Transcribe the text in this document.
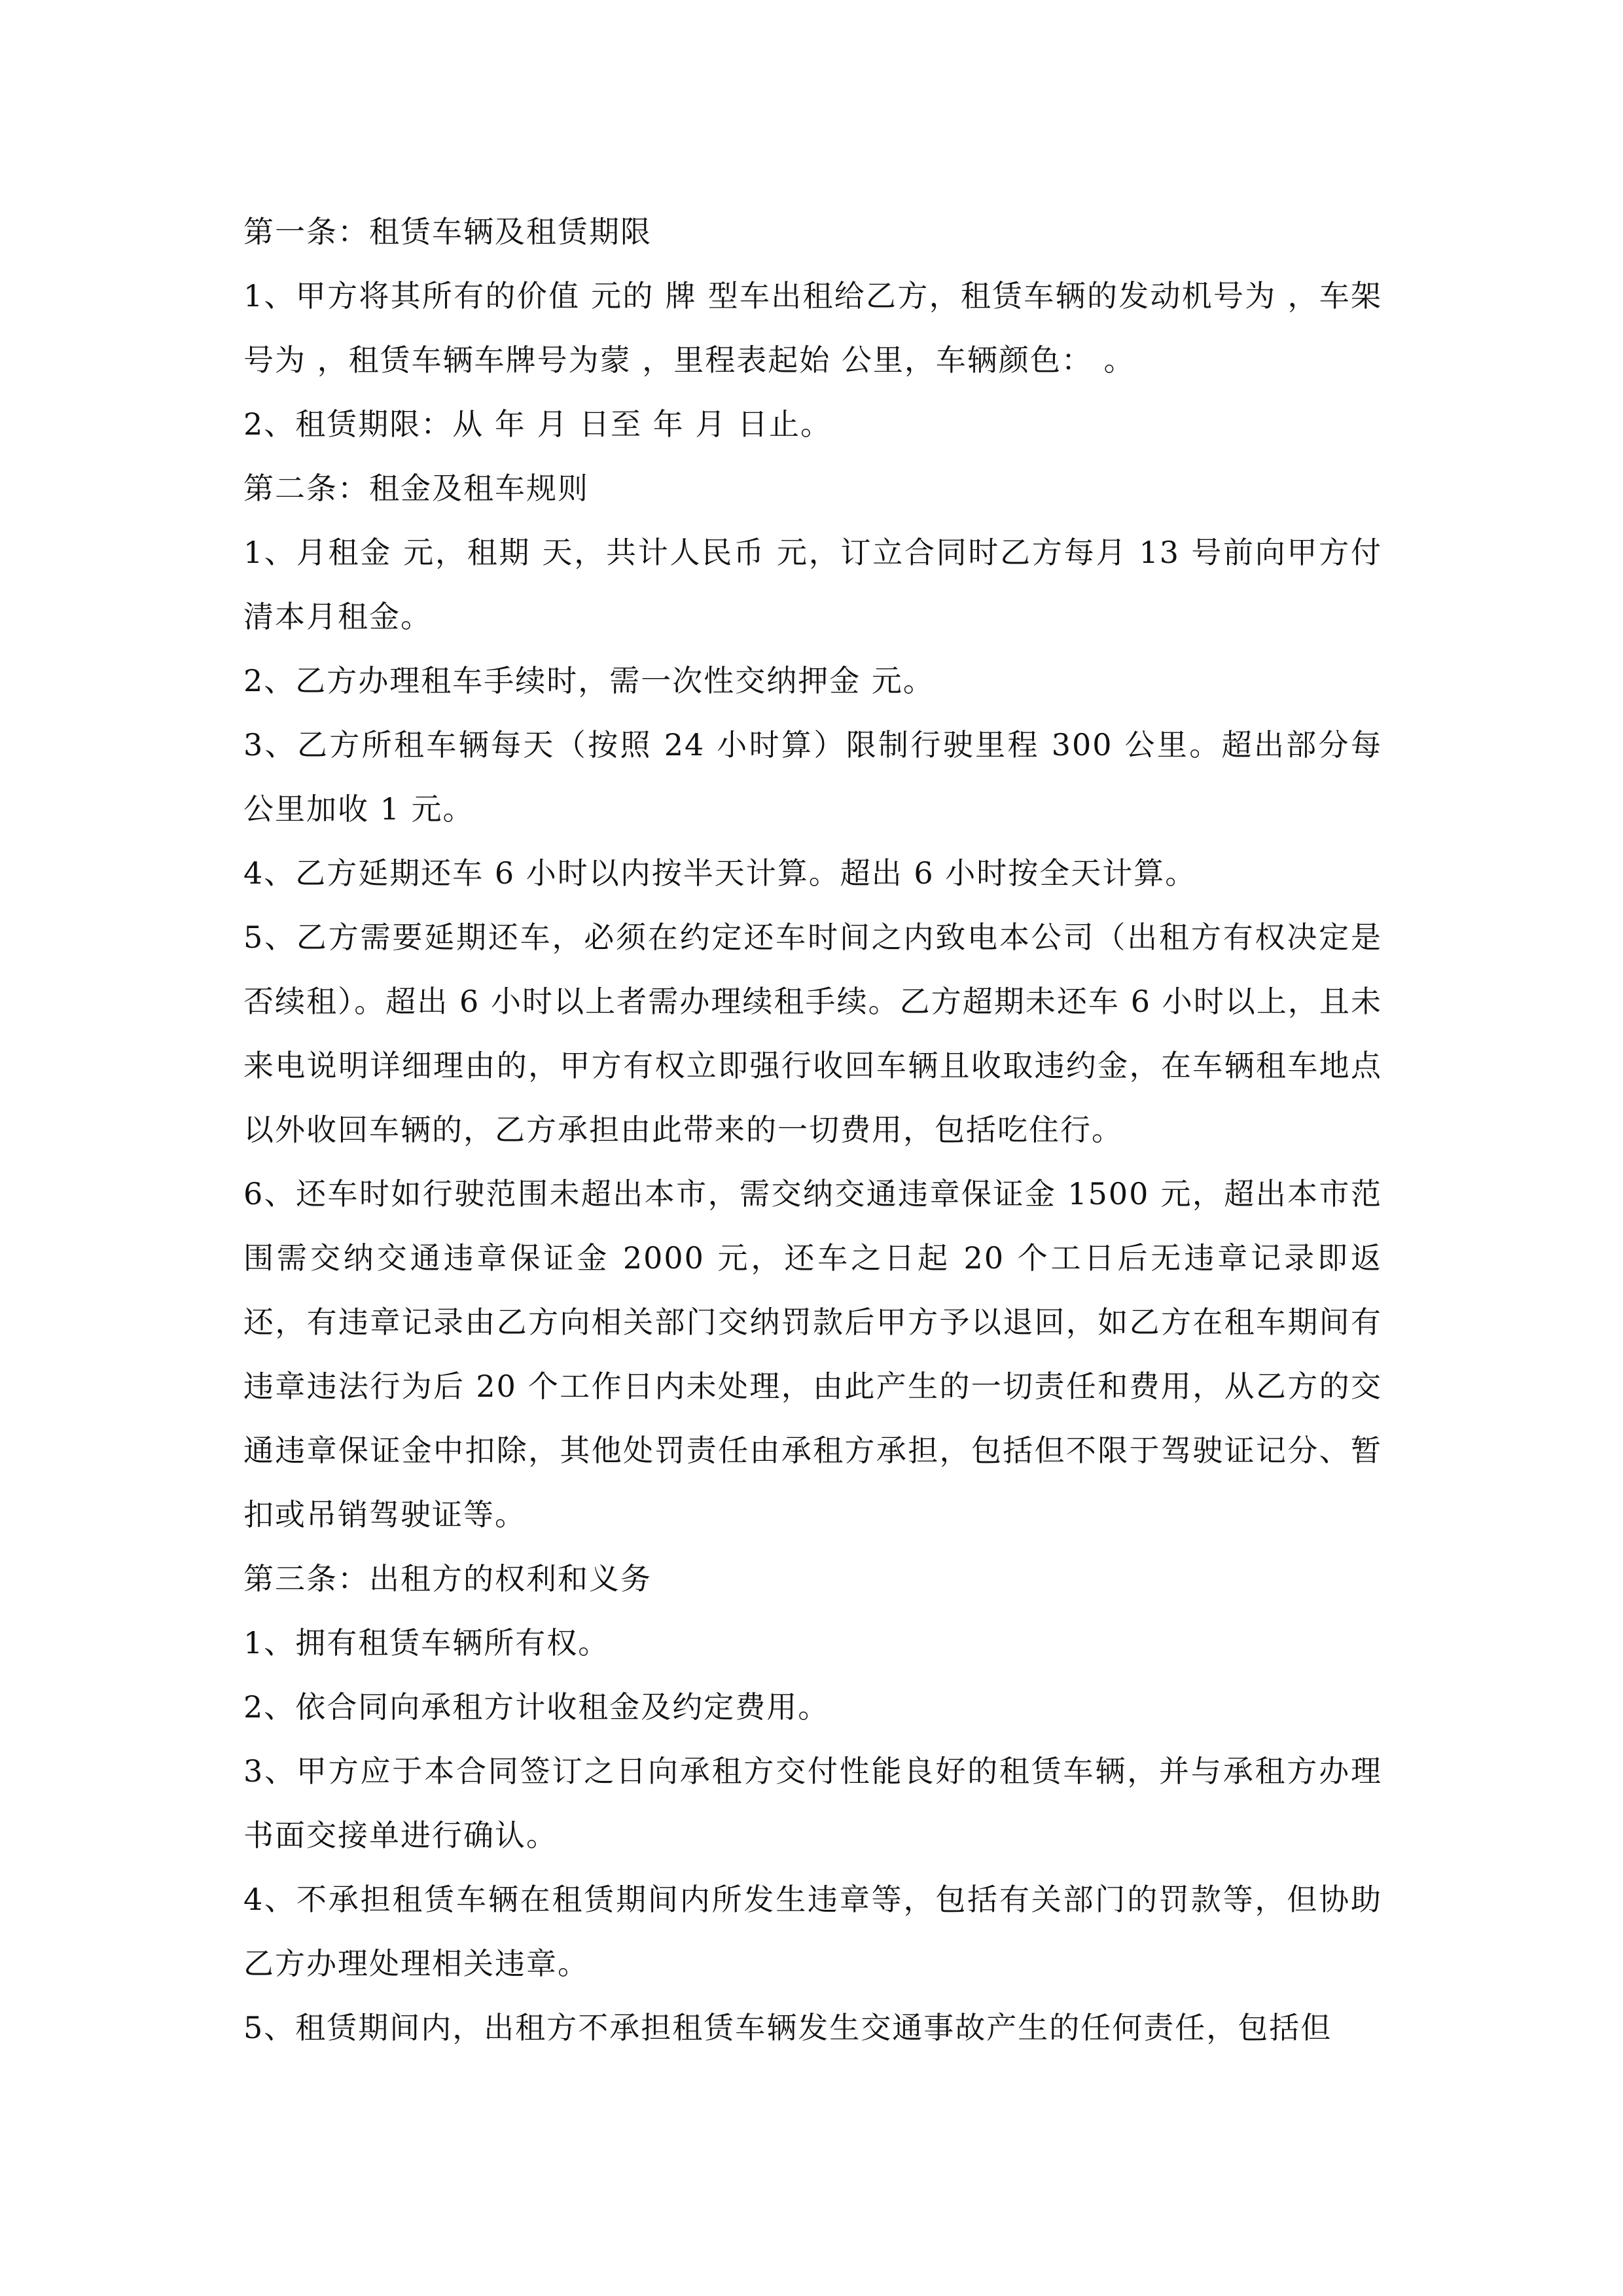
第一条：租赁车辆及租赁期限

1、甲方将其所有的价值 元的 牌 型车出租给乙方，租赁车辆的发动机号为 ，车架号为 ，租赁车辆车牌号为蒙 ，里程表起始 公里，车辆颜色： 。

2、租赁期限：从 年 月 日至 年 月 日止。

第二条：租金及租车规则

1、月租金 元，租期 天，共计人民币 元，订立合同时乙方每月 13 号前向甲方付清本月租金。

2、乙方办理租车手续时，需一次性交纳押金 元。

3、乙方所租车辆每天（按照 24 小时算）限制行驶里程 300 公里。超出部分每公里加收 1 元。

4、乙方延期还车 6 小时以内按半天计算。超出 6 小时按全天计算。

5、乙方需要延期还车，必须在约定还车时间之内致电本公司（出租方有权决定是否续租）。超出 6 小时以上者需办理续租手续。乙方超期未还车 6 小时以上，且未来电说明详细理由的，甲方有权立即强行收回车辆且收取违约金，在车辆租车地点以外收回车辆的，乙方承担由此带来的一切费用，包括吃住行。

6、还车时如行驶范围未超出本市，需交纳交通违章保证金 1500 元，超出本市范围需交纳交通违章保证金 2000 元，还车之日起 20 个工日后无违章记录即返还，有违章记录由乙方向相关部门交纳罚款后甲方予以退回，如乙方在租车期间有违章违法行为后 20 个工作日内未处理，由此产生的一切责任和费用，从乙方的交通违章保证金中扣除，其他处罚责任由承租方承担，包括但不限于驾驶证记分、暂扣或吊销驾驶证等。

第三条：出租方的权利和义务

1、拥有租赁车辆所有权。

2、依合同向承租方计收租金及约定费用。

3、甲方应于本合同签订之日向承租方交付性能良好的租赁车辆，并与承租方办理书面交接单进行确认。

4、不承担租赁车辆在租赁期间内所发生违章等，包括有关部门的罚款等，但协助乙方办理处理相关违章。

5、租赁期间内，出租方不承担租赁车辆发生交通事故产生的任何责任，包括但
